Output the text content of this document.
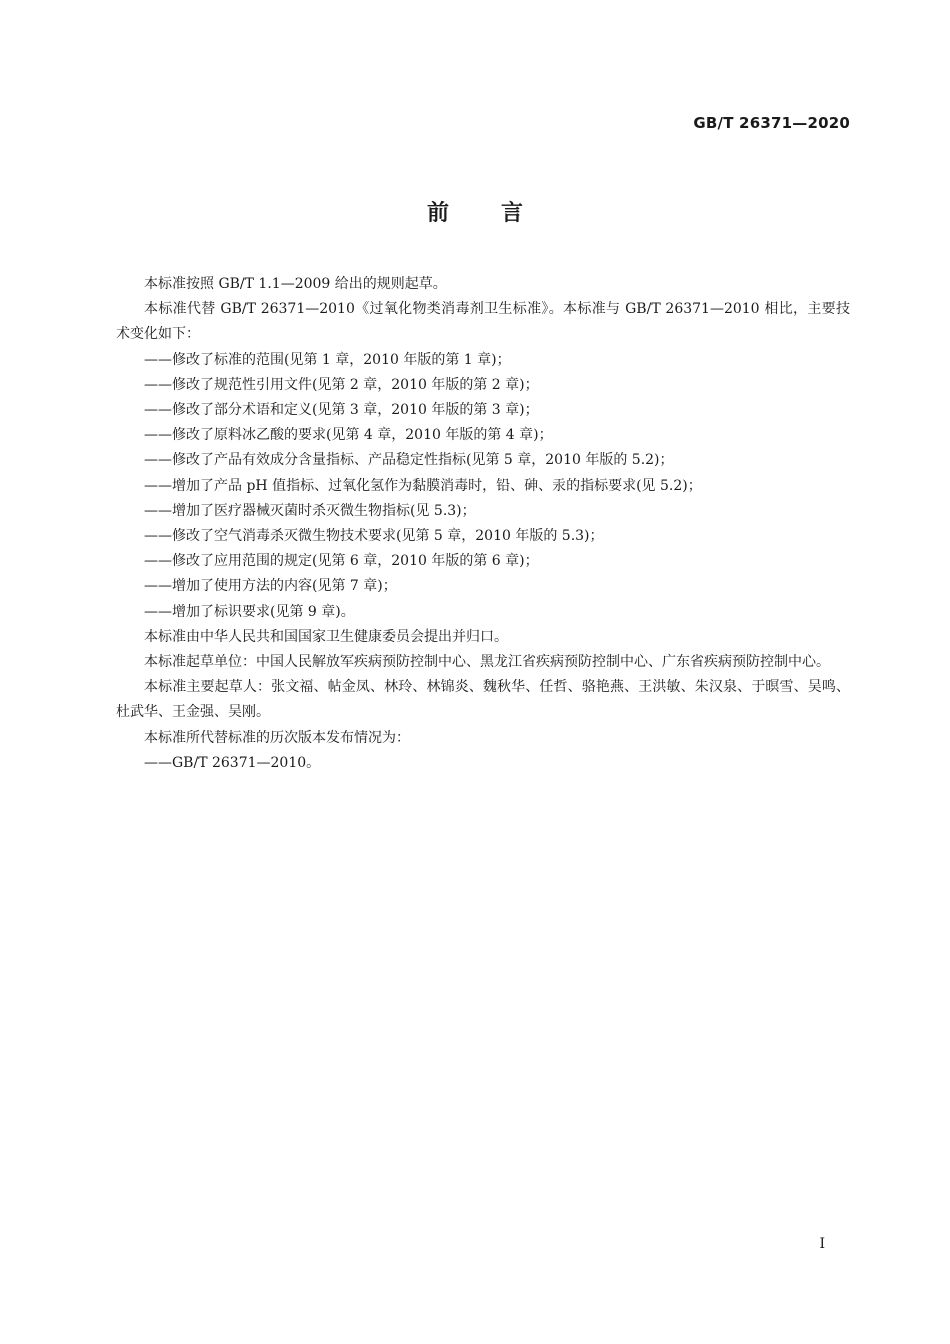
GB/T 26371—2020
前言

本标准按照 GB/T 1.1—2009 给出的规则起草。

本标准代替 GB/T 26371—2010《过氧化物类消毒剂卫生标准》。本标准与 GB/T 26371—2010 相比，主要技术变化如下：

——修改了标准的范围(见第 1 章，2010 年版的第 1 章)；

——修改了规范性引用文件(见第 2 章，2010 年版的第 2 章)；

——修改了部分术语和定义(见第 3 章，2010 年版的第 3 章)；

——修改了原料冰乙酸的要求(见第 4 章，2010 年版的第 4 章)；

——修改了产品有效成分含量指标、产品稳定性指标(见第 5 章，2010 年版的 5.2)；

——增加了产品 pH 值指标、过氧化氢作为黏膜消毒时，铅、砷、汞的指标要求(见 5.2)；

——增加了医疗器械灭菌时杀灭微生物指标(见 5.3)；

——修改了空气消毒杀灭微生物技术要求(见第 5 章，2010 年版的 5.3)；

——修改了应用范围的规定(见第 6 章，2010 年版的第 6 章)；

——增加了使用方法的内容(见第 7 章)；

——增加了标识要求(见第 9 章)。

本标准由中华人民共和国国家卫生健康委员会提出并归口。

本标准起草单位：中国人民解放军疾病预防控制中心、黑龙江省疾病预防控制中心、广东省疾病预防控制中心。

本标准主要起草人：张文福、帖金凤、林玲、林锦炎、魏秋华、任哲、骆艳燕、王洪敏、朱汉泉、于暝雪、吴鸣、杜武华、王金强、吴刚。

本标准所代替标准的历次版本发布情况为：

——GB/T 26371—2010。

I
